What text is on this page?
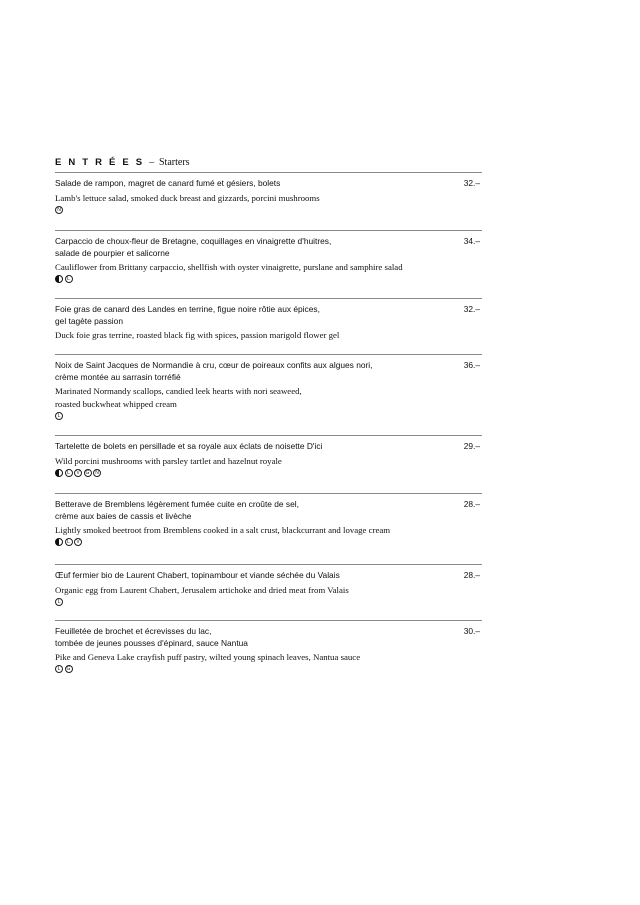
E N T R É E S – Starters
Salade de rampon, magret de canard fumé et gésiers, bolets	32.–
Lamb's lettuce salad, smoked duck breast and gizzards, porcini mushrooms
N
Carpaccio de choux-fleur de Bretagne, coquillages en vinaigrette d'huitres,
salade de pourpier et salicorne
34.–
Cauliflower from Brittany carpaccio, shellfish with oyster vinaigrette, purslane and samphire salad
L
Foie gras de canard des Landes en terrine, figue noire rôtie aux épices,
gel tagète passion
32.–
Duck foie gras terrine, roasted black fig with spices, passion marigold flower gel
Noix de Saint Jacques de Normandie à cru, cœur de poireaux confits aux algues nori,
crème montée au sarrasin torréfié
36.–
Marinated Normandy scallops, candied leek hearts with nori seaweed,
roasted buckwheat whipped cream
L
Tartelette de bolets en persillade et sa royale aux éclats de noisette D'ici	29.–
Wild porcini mushrooms with parsley tartlet and hazelnut royale
L	V	G	N
Betterave de Bremblens légèrement fumée cuite en croûte de sel,
crème aux baies de cassis et livèche
28.–
Lightly smoked beetroot from Bremblens cooked in a salt crust, blackcurrant and lovage cream
L	V
Œuf fermier bio de Laurent Chabert, topinambour et viande séchée du Valais	28.–
Organic egg from Laurent Chabert, Jerusalem artichoke and dried meat from Valais
L
Feuilletée de brochet et écrevisses du lac,
tombée de jeunes pousses d'épinard, sauce Nantua
30.–
Pike and Geneva Lake crayfish puff pastry, wilted young spinach leaves, Nantua sauce
L	G
